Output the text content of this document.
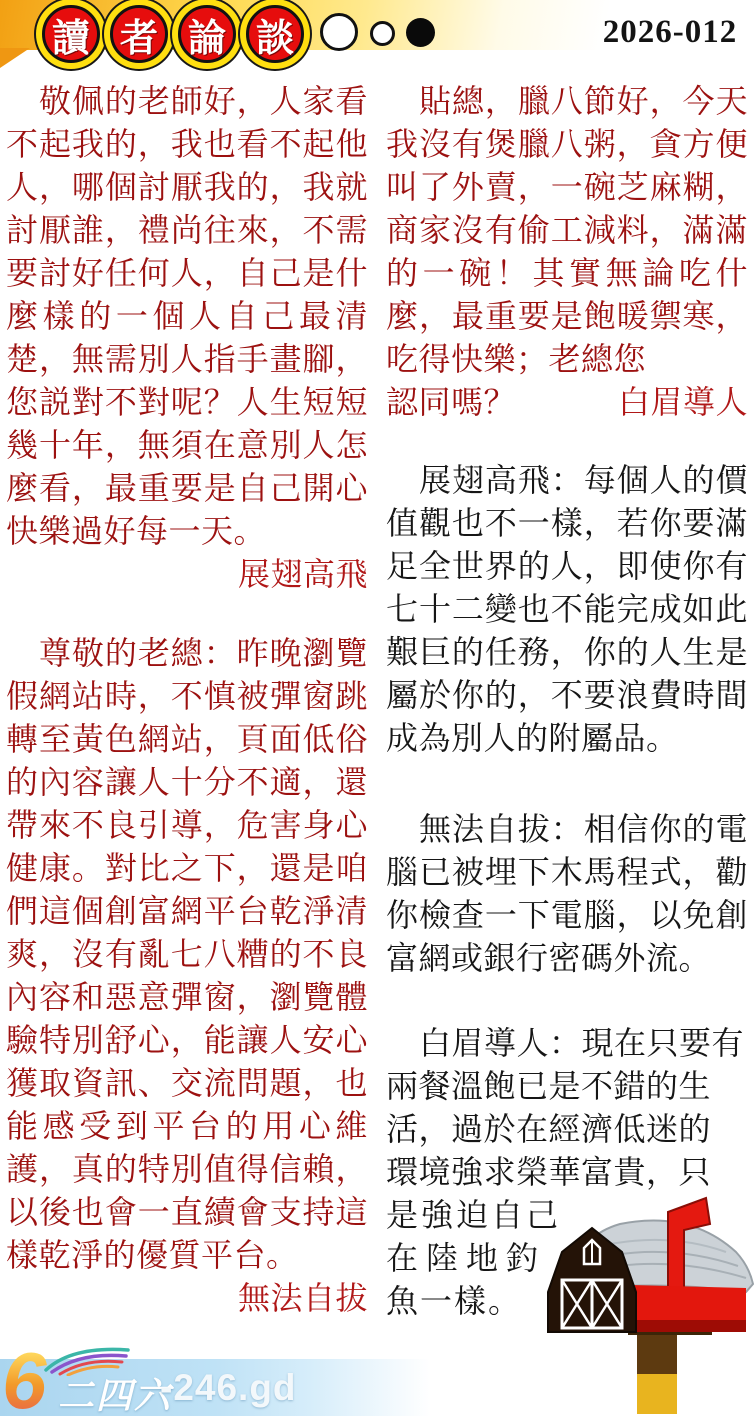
讀 者 論 談	2026-012
敬佩的老師好，人家看不起我的，我也看不起他人，哪個討厭我的，我就討厭誰，禮尚往來，不需要討好任何人，自己是什麼樣的一個人自己最清楚，無需別人指手畫腳，您説對不對呢？人生短短幾十年，無須在意別人怎麼看，最重要是自己開心快樂過好每一天。
展翅高飛
尊敬的老總：昨晚瀏覽假網站時，不慎被彈窗跳轉至黃色網站，頁面低俗的內容讓人十分不適，還帶來不良引導，危害身心健康。對比之下，還是咱們這個創富網平台乾淨清爽，沒有亂七八糟的不良內容和惡意彈窗，瀏覽體驗特別舒心，能讓人安心獲取資訊、交流問題，也能感受到平台的用心維護，真的特別值得信賴，以後也會一直續會支持這樣乾淨的優質平台。
無法自拔
貼總，臘八節好，今天我沒有煲臘八粥，貪方便叫了外賣，一碗芝麻糊，商家沒有偷工減料，滿滿的一碗！其實無論吃什麼，最重要是飽暖禦寒，吃得快樂；老總您
認同嗎？	白眉導人
展翅高飛：每個人的價值觀也不一樣，若你要滿足全世界的人，即使你有七十二變也不能完成如此艱巨的任務，你的人生是屬於你的，不要浪費時間成為別人的附屬品。
無法自拔：相信你的電腦已被埋下木馬程式，勸你檢查一下電腦，以免創富網或銀行密碼外流。
白眉導人：現在只要有
兩餐溫飽已是不錯的生
活，過於在經濟低迷的
環境強求榮華富貴，只
是強迫自己
在陸地釣
魚一樣。
6 二四六
-246.gd
